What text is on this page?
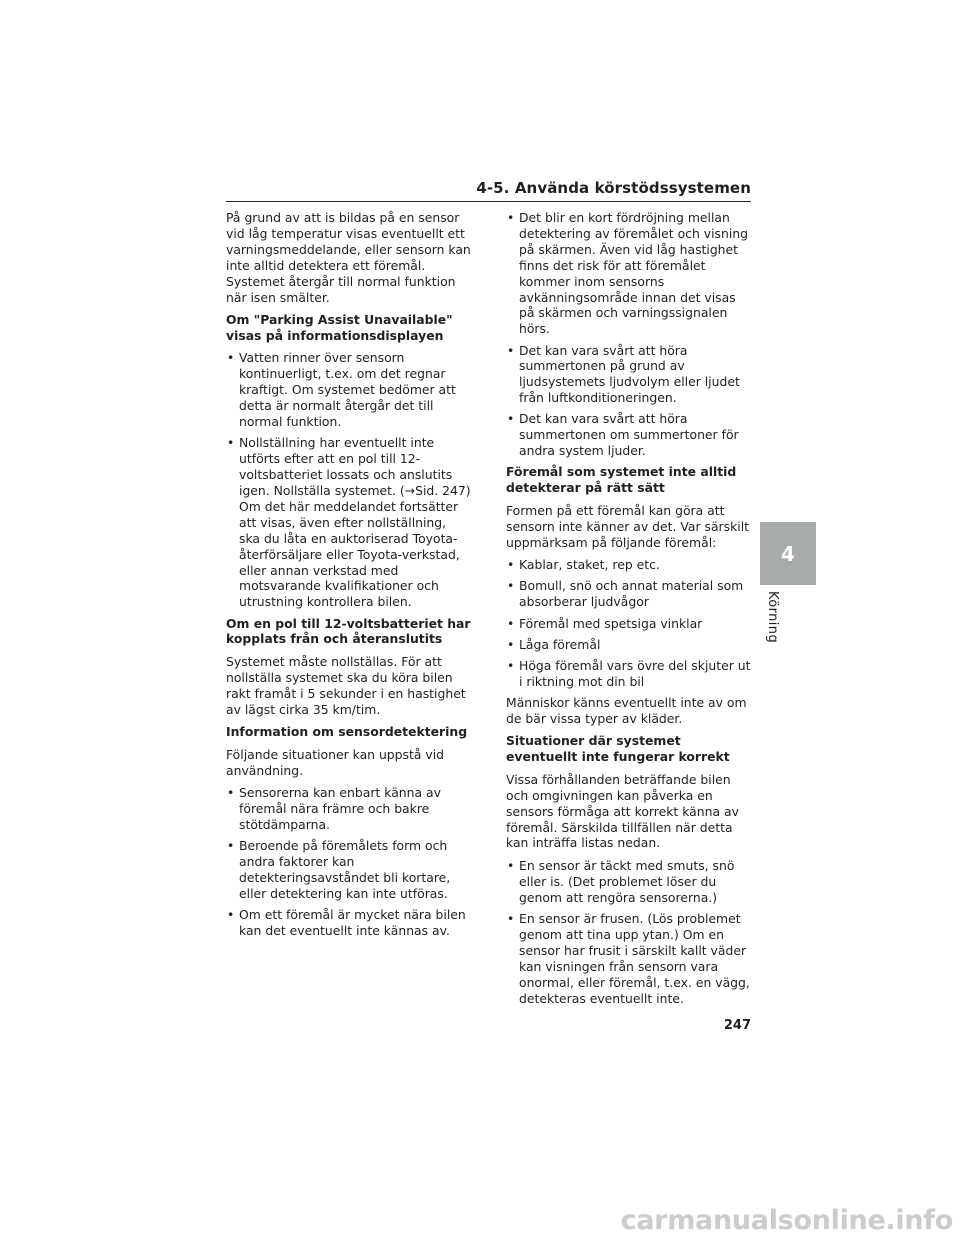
4-5. Använda körstödssystemen

På grund av att is bildas på en sensor vid låg temperatur visas eventuellt ett varningsmeddelande, eller sensorn kan inte alltid detektera ett föremål. Systemet återgår till normal funktion när isen smälter.

Om "Parking Assist Unavailable" visas på informationsdisplayen

• Vatten rinner över sensorn kontinuerligt, t.ex. om det regnar kraftigt. Om systemet bedömer att detta är normalt återgår det till normal funktion.
• Nollställning har eventuellt inte utförts efter att en pol till 12-voltsbatteriet lossats och anslutits igen. Nollställa systemet. (→Sid. 247) Om det här meddelandet fortsätter att visas, även efter nollställning, ska du låta en auktoriserad Toyota-återförsäljare eller Toyota-verkstad, eller annan verkstad med motsvarande kvalifikationer och utrustning kontrollera bilen.

Om en pol till 12-voltsbatteriet har kopplats från och återanslutits

Systemet måste nollställas. För att nollställa systemet ska du köra bilen rakt framåt i 5 sekunder i en hastighet av lägst cirka 35 km/tim.

Information om sensordetektering

Följande situationer kan uppstå vid användning.

• Sensorerna kan enbart känna av föremål nära främre och bakre stötdämparna.
• Beroende på föremålets form och andra faktorer kan detekteringsavståndet bli kortare, eller detektering kan inte utföras.
• Om ett föremål är mycket nära bilen kan det eventuellt inte kännas av.
• Det blir en kort fördröjning mellan detektering av föremålet och visning på skärmen. Även vid låg hastighet finns det risk för att föremålet kommer inom sensorns avkänningsområde innan det visas på skärmen och varningssignalen hörs.
• Det kan vara svårt att höra summertonen på grund av ljudsystemets ljudvolym eller ljudet från luftkonditioneringen.
• Det kan vara svårt att höra summertonen om summertoner för andra system ljuder.

Föremål som systemet inte alltid detekterar på rätt sätt

Formen på ett föremål kan göra att sensorn inte känner av det. Var särskilt uppmärksam på följande föremål:

• Kablar, staket, rep etc.
• Bomull, snö och annat material som absorberar ljudvågor
• Föremål med spetsiga vinklar
• Låga föremål
• Höga föremål vars övre del skjuter ut i riktning mot din bil

Människor känns eventuellt inte av om de bär vissa typer av kläder.

Situationer där systemet eventuellt inte fungerar korrekt

Vissa förhållanden beträffande bilen och omgivningen kan påverka en sensors förmåga att korrekt känna av föremål. Särskilda tillfällen när detta kan inträffa listas nedan.

• En sensor är täckt med smuts, snö eller is. (Det problemet löser du genom att rengöra sensorerna.)
• En sensor är frusen. (Lös problemet genom att tina upp ytan.) Om en sensor har frusit i särskilt kallt väder kan visningen från sensorn vara onormal, eller föremål, t.ex. en vägg, detekteras eventuellt inte.
4
Körning
247
carmanualsonline.info
